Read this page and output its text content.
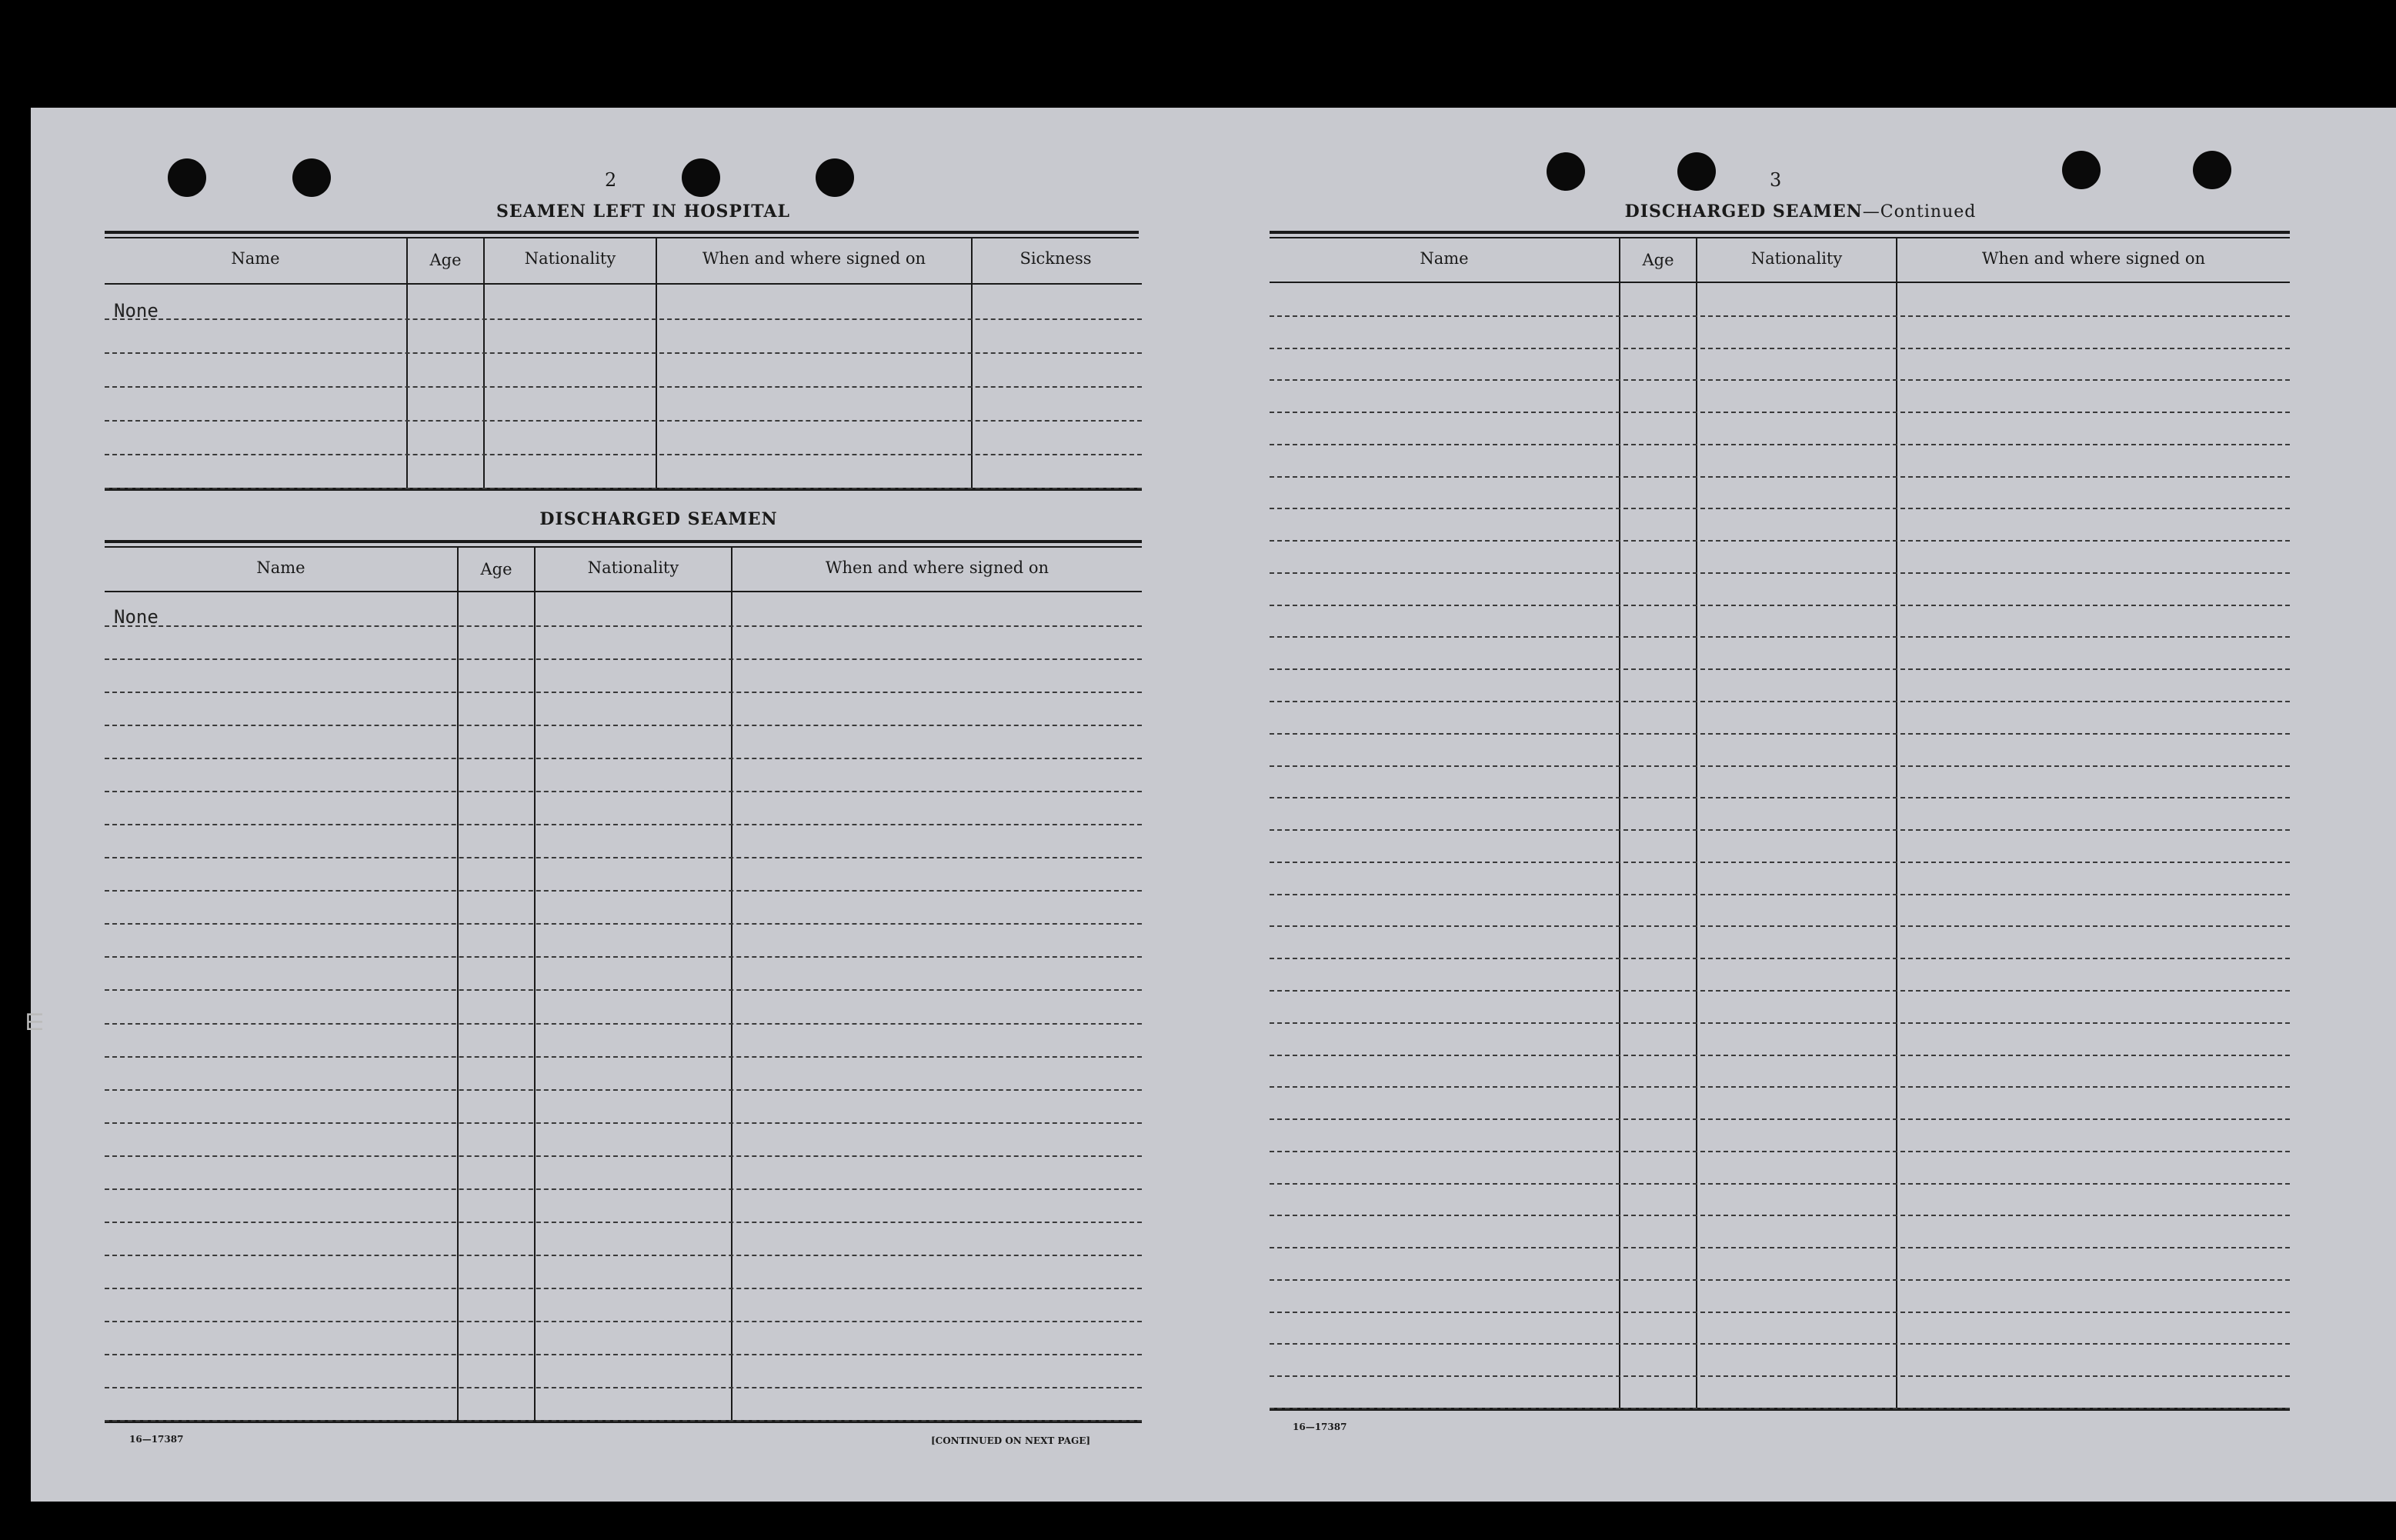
⋿
2
SEAMEN LEFT IN HOSPITAL
Name	Age	Nationality	When and where signed on	Sickness
None
DISCHARGED SEAMEN
Name	Age	Nationality	When and where signed on
None
16—17387	[CONTINUED ON NEXT PAGE]
3
DISCHARGED SEAMEN—Continued
Name	Age	Nationality	When and where signed on
16—17387
